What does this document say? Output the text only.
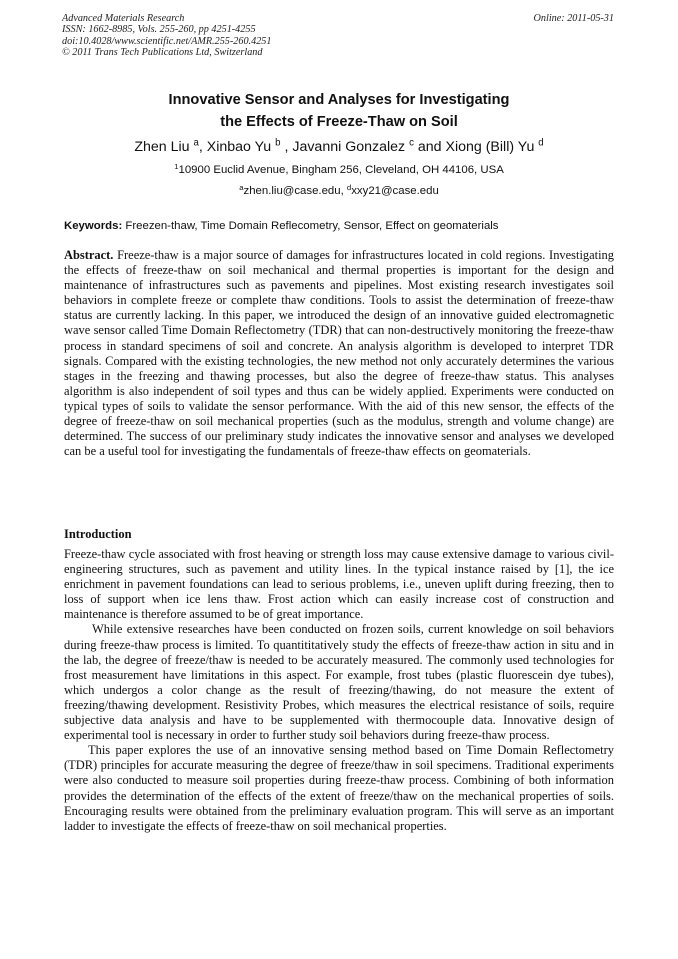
Advanced Materials Research
ISSN: 1662-8985, Vols. 255-260, pp 4251-4255
doi:10.4028/www.scientific.net/AMR.255-260.4251
© 2011 Trans Tech Publications Ltd, Switzerland
Online: 2011-05-31
Innovative Sensor and Analyses for Investigating
the Effects of Freeze-Thaw on Soil
Zhen Liu $^a$, Xinbao Yu $^b$ , Javanni Gonzalez $^c$ and Xiong (Bill) Yu $^d$
$^1$10900 Euclid Avenue, Bingham 256, Cleveland, OH 44106, USA
$^a$zhen.liu@case.edu, $^d$xxy21@case.edu
Keywords: Freezen-thaw, Time Domain Reflecometry, Sensor, Effect on geomaterials
Abstract. Freeze-thaw is a major source of damages for infrastructures located in cold regions. Investigating the effects of freeze-thaw on soil mechanical and thermal properties is important for the design and maintenance of infrastructures such as pavements and pipelines. Most existing research investigates soil behaviors in complete freeze or complete thaw conditions. Tools to assist the determination of freeze-thaw status are currently lacking. In this paper, we introduced the design of an innovative guided electromagnetic wave sensor called Time Domain Reflectometry (TDR) that can non-destructively monitoring the freeze-thaw process in standard specimens of soil and concrete. An analysis algorithm is developed to interpret TDR signals. Compared with the existing technologies, the new method not only accurately determines the various stages in the freezing and thawing processes, but also the degree of freeze-thaw status. This analyses algorithm is also independent of soil types and thus can be widely applied. Experiments were conducted on typical types of soils to validate the sensor performance. With the aid of this new sensor, the effects of the degree of freeze-thaw on soil mechanical properties (such as the modulus, strength and volume change) are determined. The success of our preliminary study indicates the innovative sensor and analyses we developed can be a useful tool for investigating the fundamentals of freeze-thaw effects on geomaterials.
Introduction

Freeze-thaw cycle associated with frost heaving or strength loss may cause extensive damage to various civil-engineering structures, such as pavement and utility lines. In the typical instance raised by [1], the ice enrichment in pavement foundations can lead to serious problems, i.e., uneven uplift during freezing, then to loss of support when ice lens thaw. Frost action which can easily increase cost of construction and maintenance is therefore assumed to be of great importance.

While extensive researches have been conducted on frozen soils, current knowledge on soil behaviors during freeze-thaw process is limited. To quantititatively study the effects of freeze-thaw action in situ and in the lab, the degree of freeze/thaw is needed to be accurately measured. The commonly used technologies for frost measurement have limitations in this aspect. For example, frost tubes (plastic fluorescein dye tubes), which undergos a color change as the result of freezing/thawing, do not measure the extent of freezing/thawing development. Resistivity Probes, which measures the electrical resistance of soils, require subjective data analysis and have to be supplemented with thermocouple data. Innovative design of experimental tool is necessary in order to further study soil behaviors during freeze-thaw process.

This paper explores the use of an innovative sensing method based on Time Domain Reflectometry (TDR) principles for accurate measuring the degree of freeze/thaw in soil specimens. Traditional experiments were also conducted to measure soil properties during freeze-thaw process. Combining of both information provides the determination of the effects of the extent of freeze/thaw on the mechanical properties of soils. Encouraging results were obtained from the preliminary evaluation program. This will serve as an important ladder to investigate the effects of freeze-thaw on soil mechanical properties.
